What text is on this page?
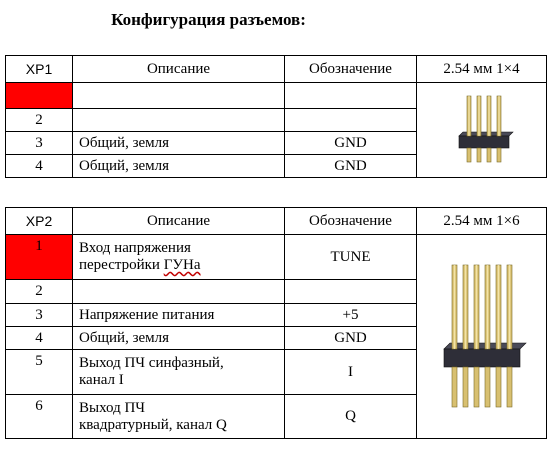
Конфигурация разъемов:
XP1	Описание	Обозначение	2.54 мм 1×4

2			
3	Общий, земля	GND	
4	Общий, земля	GND	
XP2	Описание	Обозначение	2.54 мм 1×6
1	Вход напряжения
перестройки ГУНа	TUNE	

2			
3	Напряжение питания	+5	
4	Общий, земля	GND	
5	Выход ПЧ синфазный,
канал I	I	
6	Выход ПЧ
квадратурный, канал Q	Q	
